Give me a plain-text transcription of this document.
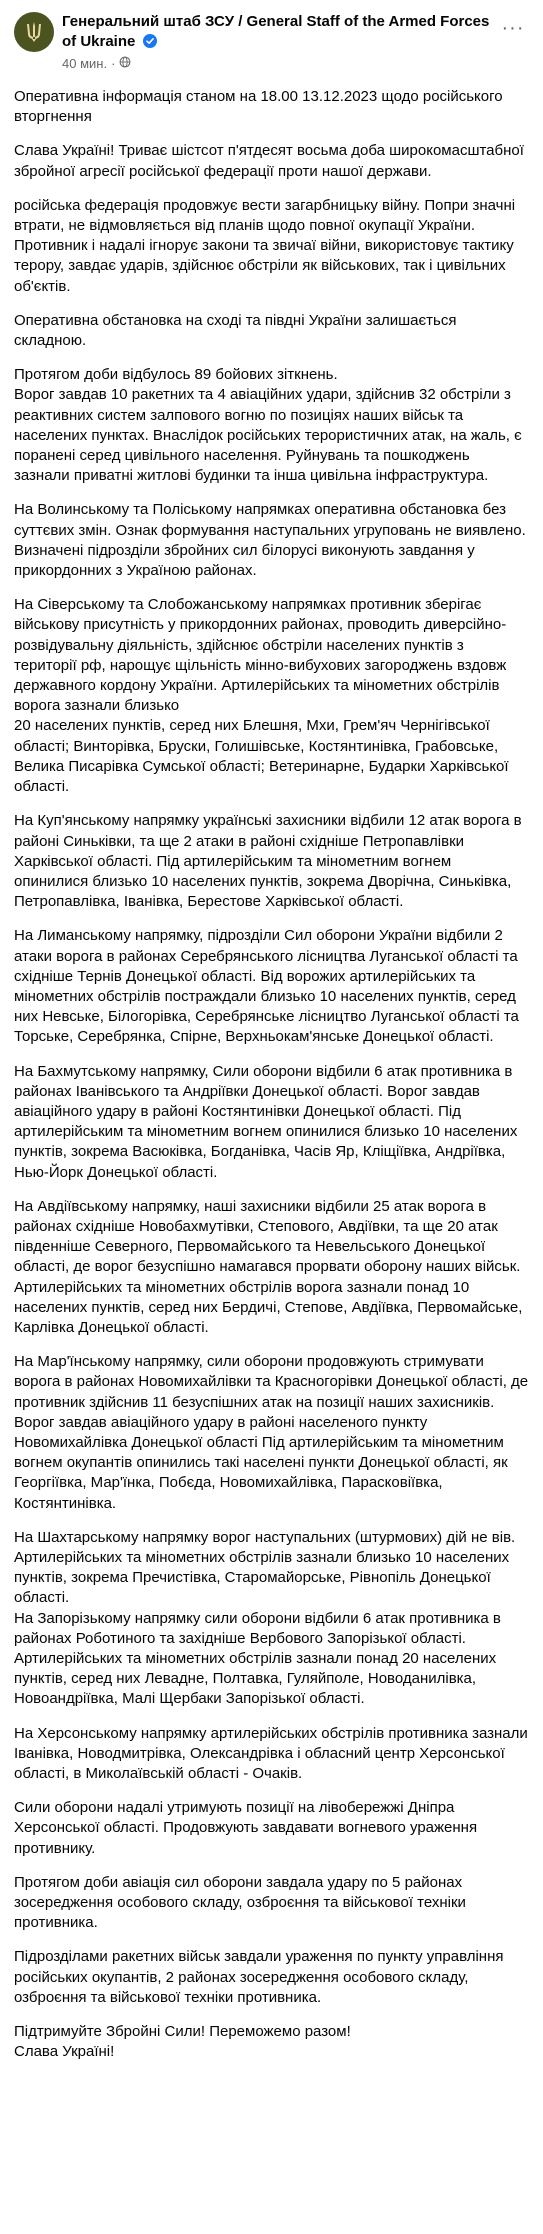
Генеральний штаб ЗСУ / General Staff of the Armed Forces of Ukraine
40 мин. ·
···

Оперативна інформація станом на 18.00 13.12.2023 щодо російського вторгнення

Слава Україні! Триває шістсот п'ятдесят восьма доба широкомасштабної збройної агресії російської федерації проти нашої держави.

російська федерація продовжує вести загарбницьку війну. Попри значні втрати, не відмовляється від планів щодо повної окупації України. Противник і надалі ігнорує закони та звичаї війни, використовує тактику терору, завдає ударів, здійснює обстріли як військових, так і цивільних об'єктів.

Оперативна обстановка на сході та півдні України залишається складною.

Протягом доби відбулось 89 бойових зіткнень.
Ворог завдав 10 ракетних та 4 авіаційних удари, здійснив 32 обстріли з реактивних систем залпового вогню по позиціях наших військ та населених пунктах. Внаслідок російських терористичних атак, на жаль, є поранені серед цивільного населення. Руйнувань та пошкоджень зазнали приватні житлові будинки та інша цивільна інфраструктура.

На Волинському та Поліському напрямках оперативна обстановка без суттєвих змін. Ознак формування наступальних угруповань не виявлено. Визначені підрозділи збройних сил білорусі виконують завдання у прикордонних з Україною районах.

На Сіверському та Слобожанському напрямках противник зберігає військову присутність у прикордонних районах, проводить диверсійно-розвідувальну діяльність, здійснює обстріли населених пунктів з території рф, нарощує щільність мінно-вибухових загороджень вздовж державного кордону України. Артилерійських та мінометних обстрілів ворога зазнали близько
20 населених пунктів, серед них Блешня, Мхи, Грем'яч Чернігівської області; Винторівка, Бруски, Голишівське, Костянтинівка, Грабовське, Велика Писарівка Сумської області; Ветеринарне, Бударки Харківської області.

На Куп'янському напрямку українські захисники відбили 12 атак ворога в районі Синьківки, та ще 2 атаки в районі східніше Петропавлівки Харківської області. Під артилерійським та мінометним вогнем опинилися близько 10 населених пунктів, зокрема Дворічна, Синьківка, Петропавлівка, Іванівка, Берестове Харківської області.

На Лиманському напрямку, підрозділи Сил оборони України відбили 2 атаки ворога в районах Серебрянського лісництва Луганської області та східніше Тернів Донецької області. Від ворожих артилерійських та мінометних обстрілів постраждали близько 10 населених пунктів, серед них Невське, Білогорівка, Серебрянське лісництво Луганської області та Торське, Серебрянка, Спірне, Верхньокам'янське Донецької області.

На Бахмутському напрямку, Сили оборони відбили 6 атак противника в районах Іванівського та Андріївки Донецької області. Ворог завдав авіаційного удару в районі Костянтинівки Донецької області. Під артилерійським та мінометним вогнем опинилися близько 10 населених пунктів, зокрема Васюківка, Богданівка, Часів Яр, Кліщіївка, Андріївка, Нью-Йорк Донецької області.

На Авдіївському напрямку, наші захисники відбили 25 атак ворога в районах східніше Новобахмутівки, Степового, Авдіївки, та ще 20 атак південніше Северного, Первомайського та Невельського Донецької області, де ворог безуспішно намагався прорвати оборону наших військ. Артилерійських та мінометних обстрілів ворога зазнали понад 10 населених пунктів, серед них Бердичі, Степове, Авдіївка, Первомайське, Карлівка Донецької області.

На Мар'їнському напрямку, сили оборони продовжують стримувати ворога в районах Новомихайлівки та Красногорівки Донецької області, де противник здійснив 11 безуспішних атак на позиції наших захисників. Ворог завдав авіаційного удару в районі населеного пункту Новомихайлівка Донецької області Під артилерійським та мінометним вогнем окупантів опинились такі населені пункти Донецької області, як Георгіївка, Мар'їнка, Побєда, Новомихайлівка, Парасковіївка, Костянтинівка.

На Шахтарському напрямку ворог наступальних (штурмових) дій не вів. Артилерійських та мінометних обстрілів зазнали близько 10 населених пунктів, зокрема Пречистівка, Старомайорське, Рівнопіль Донецької області.
На Запорізькому напрямку сили оборони відбили 6 атак противника в районах Роботиного та західніше Вербового Запорізької області. Артилерійських та мінометних обстрілів зазнали понад 20 населених пунктів, серед них Левадне, Полтавка, Гуляйполе, Новоданилівка, Новоандріївка, Малі Щербаки Запорізької області.

На Херсонському напрямку артилерійських обстрілів противника зазнали Іванівка, Новодмитрівка, Олександрівка і обласний центр Херсонської області, в Миколаївській області - Очаків.

Сили оборони надалі утримують позиції на лівобережжі Дніпра Херсонської області. Продовжують завдавати вогневого ураження противнику.

Протягом доби авіація сил оборони завдала удару по 5 районах зосередження особового складу, озброєння та військової техніки противника.

Підрозділами ракетних військ завдали ураження по пункту управління російських окупантів, 2 районах зосередження особового складу, озброєння та військової техніки противника.

Підтримуйте Збройні Сили! Переможемо разом!
Слава Україні!
